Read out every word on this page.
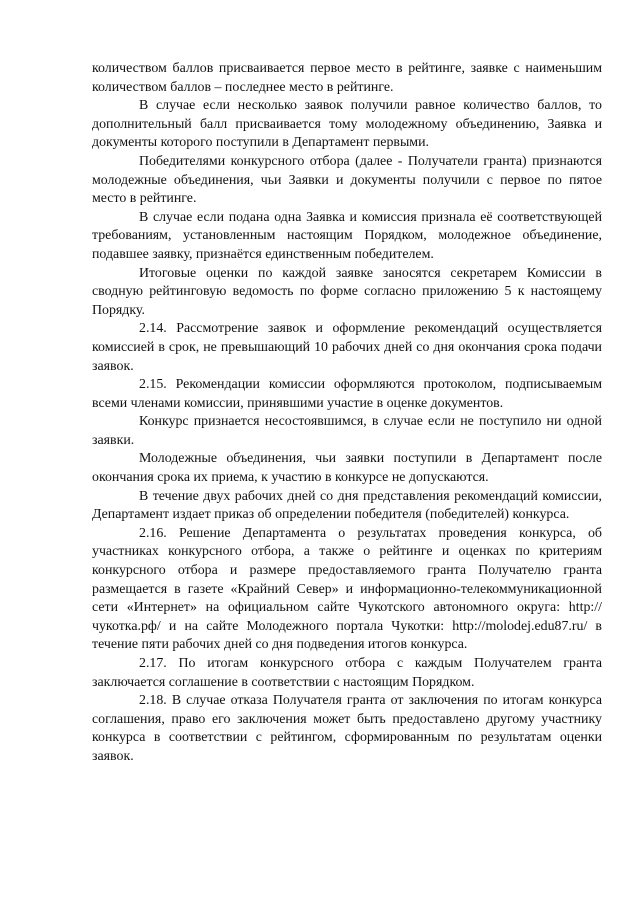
количеством баллов присваивается первое место в рейтинге, заявке с наименьшим количеством баллов – последнее место в рейтинге.

В случае если несколько заявок получили равное количество баллов, то дополнительный балл присваивается тому молодежному объединению, Заявка и документы которого поступили в Департамент первыми.

Победителями конкурсного отбора (далее - Получатели гранта) признаются молодежные объединения, чьи Заявки и документы получили с первое по пятое место в рейтинге.

В случае если подана одна Заявка и комиссия признала её соответствующей требованиям, установленным настоящим Порядком, молодежное объединение, подавшее заявку, признаётся единственным победителем.

Итоговые оценки по каждой заявке заносятся секретарем Комиссии в сводную рейтинговую ведомость по форме согласно приложению 5 к настоящему Порядку.

2.14. Рассмотрение заявок и оформление рекомендаций осуществляется комиссией в срок, не превышающий 10 рабочих дней со дня окончания срока подачи заявок.

2.15. Рекомендации комиссии оформляются протоколом, подписываемым всеми членами комиссии, принявшими участие в оценке документов.

Конкурс признается несостоявшимся, в случае если не поступило ни одной заявки.

Молодежные объединения, чьи заявки поступили в Департамент после окончания срока их приема, к участию в конкурсе не допускаются.

В течение двух рабочих дней со дня представления рекомендаций комиссии, Департамент издает приказ об определении победителя (победителей) конкурса.

2.16. Решение Департамента о результатах проведения конкурса, об участниках конкурсного отбора, а также о рейтинге и оценках по критериям конкурсного отбора и размере предоставляемого гранта Получателю гранта размещается в газете «Крайний Север» и информационно-телекоммуникационной сети «Интернет» на официальном сайте Чукотского автономного округа: http://чукотка.рф/ и на сайте Молодежного портала Чукотки: http://molodej.edu87.ru/ в течение пяти рабочих дней со дня подведения итогов конкурса.

2.17. По итогам конкурсного отбора с каждым Получателем гранта заключается соглашение в соответствии с настоящим Порядком.

2.18. В случае отказа Получателя гранта от заключения по итогам конкурса соглашения, право его заключения может быть предоставлено другому участнику конкурса в соответствии с рейтингом, сформированным по результатам оценки заявок.
